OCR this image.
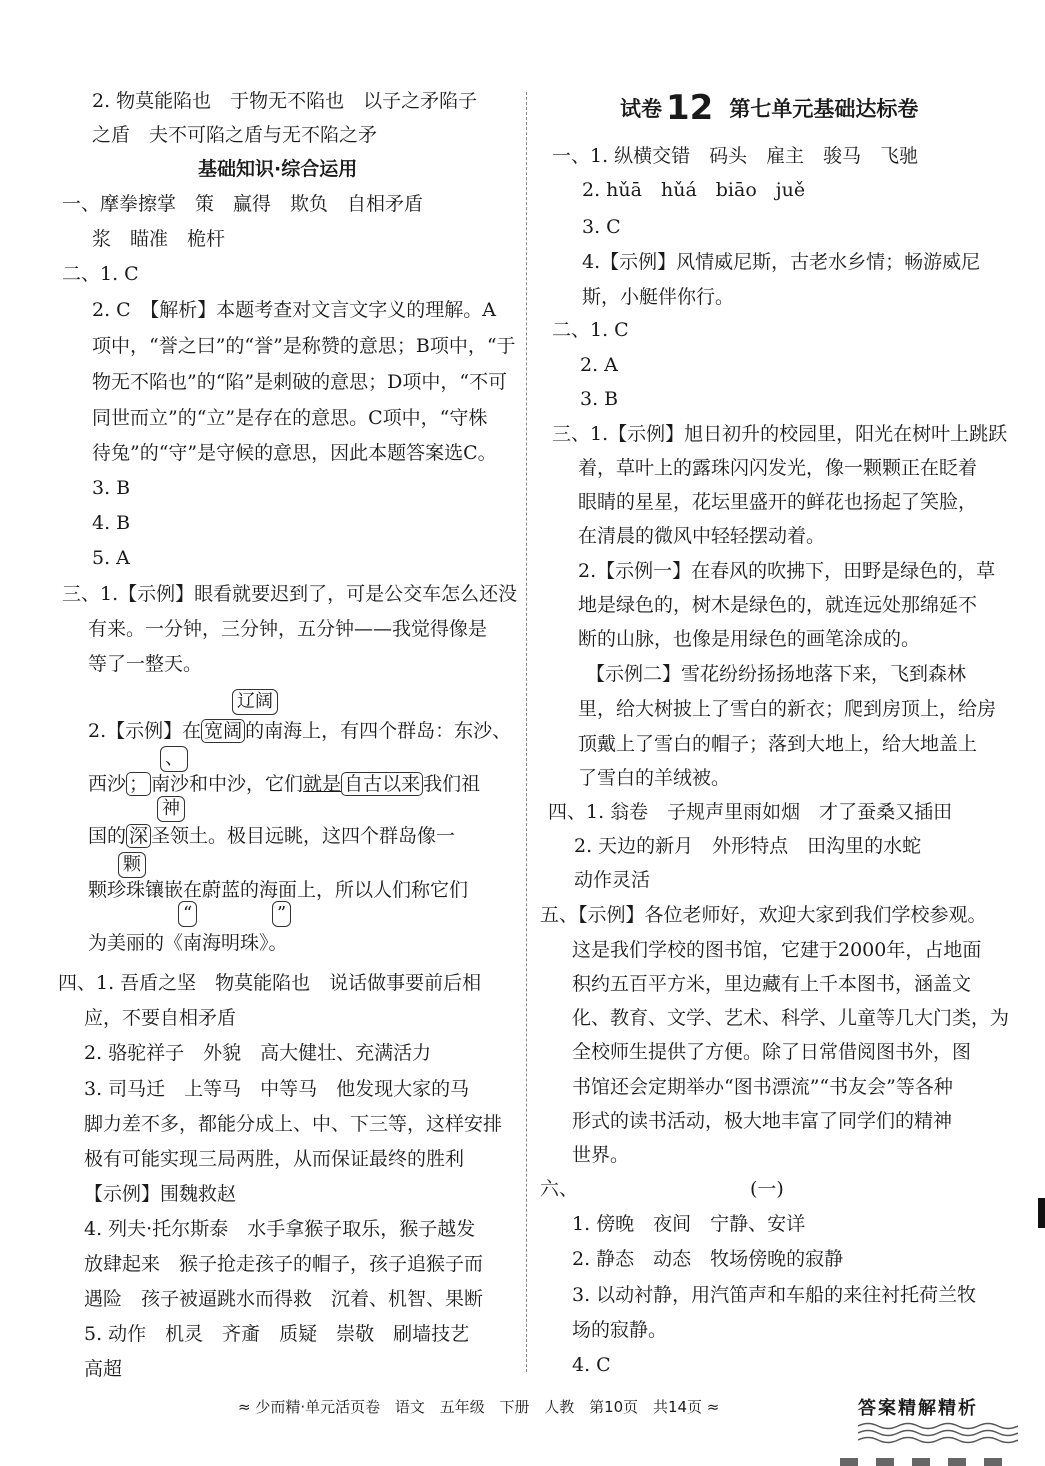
2. 物莫能陷也　于物无不陷也　以子之矛陷子
之盾　夫不可陷之盾与无不陷之矛
基础知识·综合运用
一、摩拳擦掌　策　赢得　欺负　自相矛盾
浆　瞄准　桅杆
二、1. C
2. C　【解析】本题考查对文言文字义的理解。A
项中，“誉之曰”的“誉”是称赞的意思；B项中，“于
物无不陷也”的“陷”是刺破的意思；D项中，“不可
同世而立”的“立”是存在的意思。C项中，“守株
待兔”的“守”是守候的意思，因此本题答案选C。
3. B
4. B
5. A
三、1.【示例】眼看就要迟到了，可是公交车怎么还没
有来。一分钟，三分钟，五分钟——我觉得像是
等了一整天。
辽阔
2.【示例】在 宽阔 的南海上，有四个群岛：东沙、
、
神
西沙 ； 南沙和中沙，它们就是 自古以来 我们祖
国的 深 圣领土。极目远眺，这四个群岛像一
颗
颗珍珠镶嵌在蔚蓝的海面上，所以人们称它们
“	”
为美丽的《南海明珠》。
四、1. 吾盾之坚　物莫能陷也　说话做事要前后相
应，不要自相矛盾
2. 骆驼祥子　外貌　高大健壮、充满活力
3. 司马迁　上等马　中等马　他发现大家的马
脚力差不多，都能分成上、中、下三等，这样安排
极有可能实现三局两胜，从而保证最终的胜利
【示例】围魏救赵
4. 列夫·托尔斯泰　水手拿猴子取乐，猴子越发
放肆起来　猴子抢走孩子的帽子，孩子追猴子而
遇险　孩子被逼跳水而得救　沉着、机智、果断
5. 动作　机灵　齐齑　质疑　崇敬　刷墙技艺
高超
试卷 12 第七单元基础达标卷
一、1. 纵横交错　码头　雇主　骏马　飞驰
2. hǔā　hǔá　biāo　juě
3. C
4.【示例】风情威尼斯，古老水乡情；畅游威尼
斯，小艇伴你行。
二、1. C
2. A
3. B
三、1.【示例】旭日初升的校园里，阳光在树叶上跳跃
着，草叶上的露珠闪闪发光，像一颗颗正在眨着
眼睛的星星，花坛里盛开的鲜花也扬起了笑脸，
在清晨的微风中轻轻摆动着。
2.【示例一】在春风的吹拂下，田野是绿色的，草
地是绿色的，树木是绿色的，就连远处那绵延不
断的山脉，也像是用绿色的画笔涂成的。
【示例二】雪花纷纷扬扬地落下来，飞到森林
里，给大树披上了雪白的新衣；爬到房顶上，给房
顶戴上了雪白的帽子；落到大地上，给大地盖上
了雪白的羊绒被。
四、1. 翁卷　子规声里雨如烟　才了蚕桑又插田
2. 天边的新月　外形特点　田沟里的水蛇
动作灵活
五、【示例】各位老师好，欢迎大家到我们学校参观。
这是我们学校的图书馆，它建于2000年，占地面
积约五百平方米，里边藏有上千本图书，涵盖文
化、教育、文学、艺术、科学、儿童等几大门类，为
全校师生提供了方便。除了日常借阅图书外，图
书馆还会定期举办“图书漂流”“书友会”等各种
形式的读书活动，极大地丰富了同学们的精神
世界。
六、	(一)
1. 傍晚　夜间　宁静、安详
2. 静态　动态　牧场傍晚的寂静
3. 以动衬静，用汽笛声和车船的来往衬托荷兰牧
场的寂静。
4. C
≈ 少而精·单元活页卷 语文 五年级 下册 人教 第10页 共14页 ≈	答案精解精析
